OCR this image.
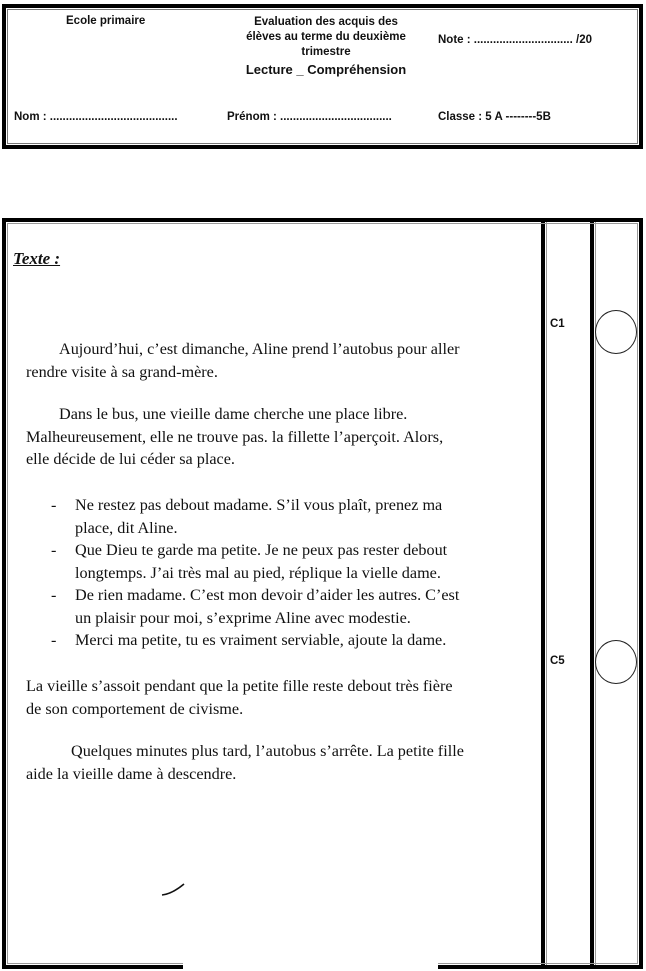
Ecole primaire	Evaluation des acquis des
élèves au terme du deuxième
trimestre
Lecture _ Compréhension
Note : ............................... /20
Nom : ........................................	Prénom : ...................................	Classe : 5 A --------5B
Texte :
Aujourd’hui, c’est dimanche, Aline prend l’autobus pour aller
rendre visite à sa grand-mère.
Dans le bus, une vieille dame cherche une place libre.
Malheureusement, elle ne trouve pas. la fillette l’aperçoit. Alors,
elle décide de lui céder sa place.
- Ne restez pas debout madame. S’il vous plaît, prenez ma
place, dit Aline.
- Que Dieu te garde ma petite. Je ne peux pas rester debout
longtemps. J’ai très mal au pied, réplique la vielle dame.
- De rien madame. C’est mon devoir d’aider les autres. C’est
un plaisir pour moi, s’exprime Aline avec modestie.
- Merci ma petite, tu es vraiment serviable, ajoute la dame.
La vieille s’assoit pendant que la petite fille reste debout très fière
de son comportement de civisme.
Quelques minutes plus tard, l’autobus s’arrête. La petite fille
aide la vieille dame à descendre.
C1
C5
